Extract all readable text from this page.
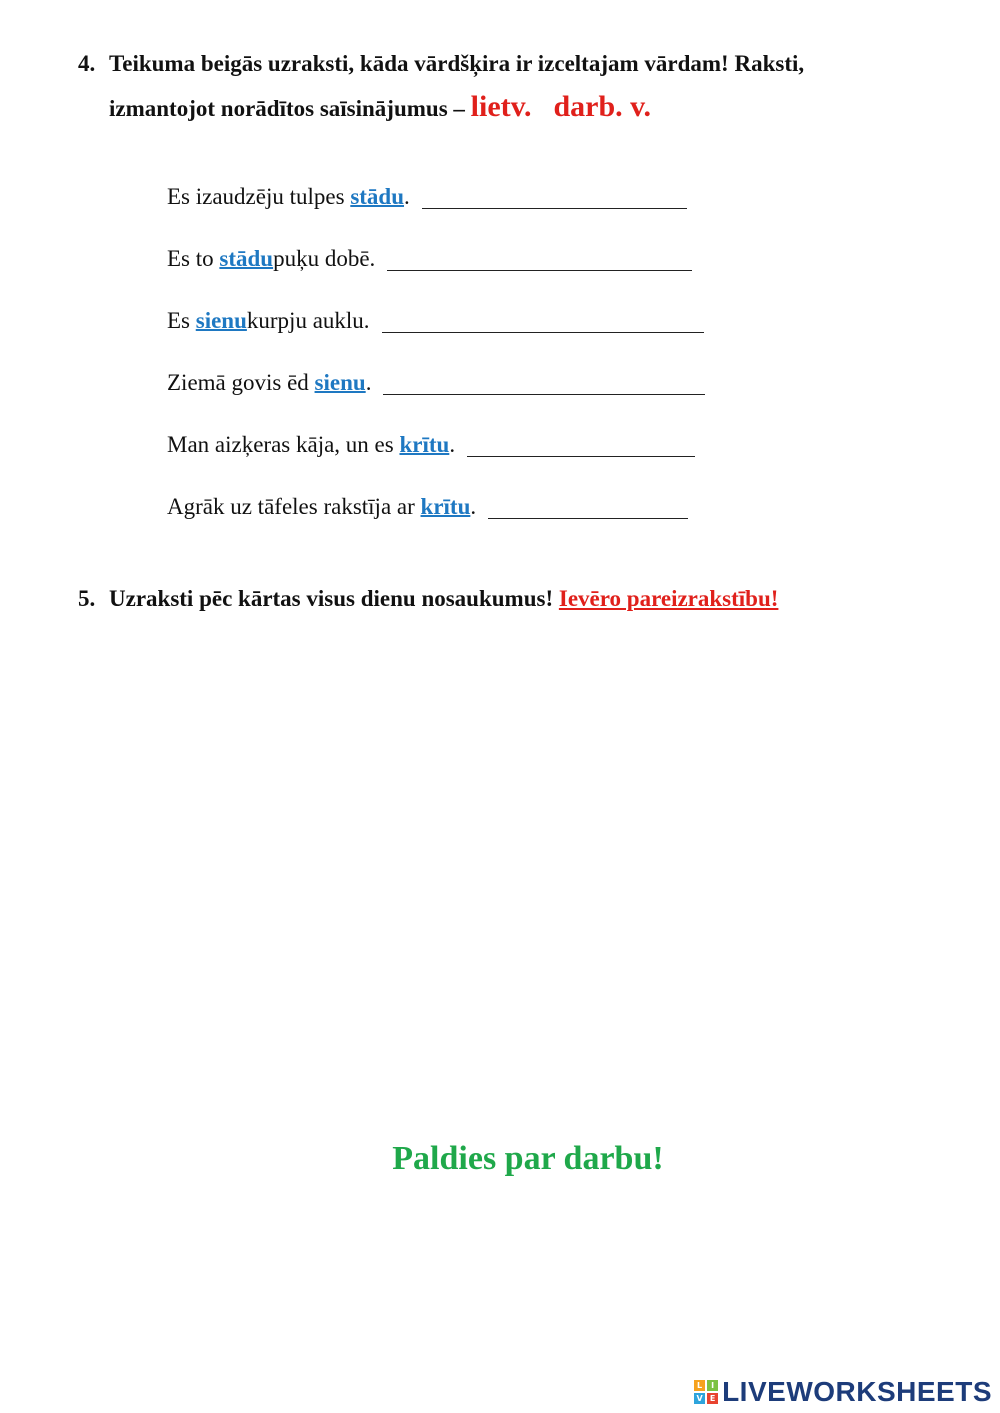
4. Teikuma beigās uzraksti, kāda vārdšķira ir izceltajam vārdam! Raksti,
izmantojot norādītos saīsinājumus – lietv. darb. v.
Es izaudzēju tulpes
stādu .
Es to
stādu puķu dobē.
Es
sienu kurpju auklu.
Ziemā govis ēd
sienu .
Man aizķeras kāja, un es
krītu .
Agrāk uz tāfeles rakstīja ar
krītu .
5. Uzraksti pēc kārtas visus dienu nosaukumus! Ievēro pareizrakstību!
Paldies par darbu!
L	I
V E LIVEWORKSHEETS
